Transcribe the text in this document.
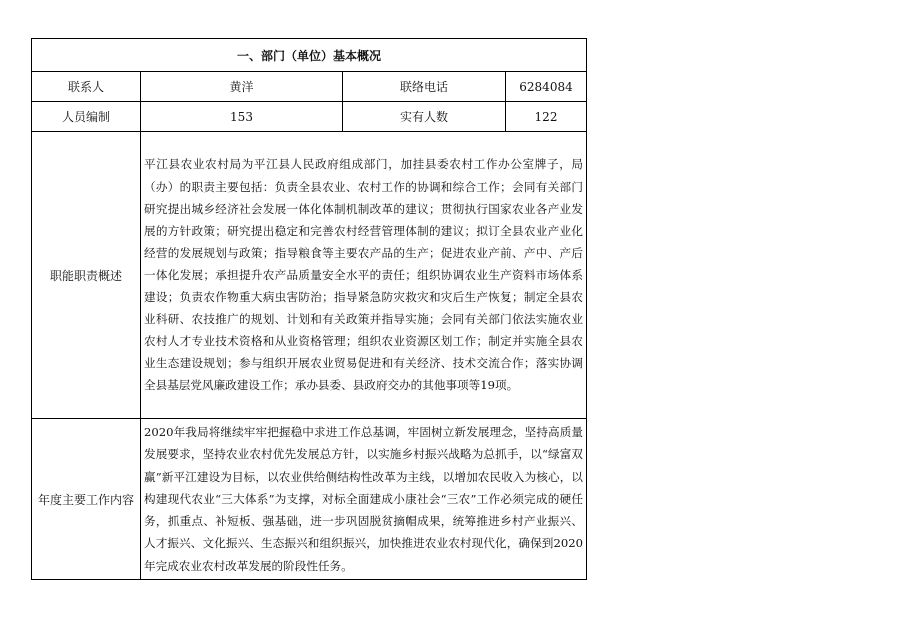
一、部门（单位）基本概况			
联系人	黄洋	联络电话	6284084
人员编制	153	实有人数	122
职能职责概述	平江县农业农村局为平江县人民政府组成部门，加挂县委农村工作办公室牌子，局（办）的职责主要包括：负责全县农业、农村工作的协调和综合工作；会同有关部门研究提出城乡经济社会发展一体化体制机制改革的建议；贯彻执行国家农业各产业发展的方针政策；研究提出稳定和完善农村经营管理体制的建议；拟订全县农业产业化经营的发展规划与政策；指导粮食等主要农产品的生产；促进农业产前、产中、产后一体化发展；承担提升农产品质量安全水平的责任；组织协调农业生产资料市场体系建设；负责农作物重大病虫害防治；指导紧急防灾救灾和灾后生产恢复；制定全县农业科研、农技推广的规划、计划和有关政策并指导实施；会同有关部门依法实施农业农村人才专业技术资格和从业资格管理；组织农业资源区划工作；制定并实施全县农业生态建设规划；参与组织开展农业贸易促进和有关经济、技术交流合作；落实协调全县基层党风廉政建设工作；承办县委、县政府交办的其他事项等19项。		

年度主要工作内容	2020年我局将继续牢牢把握稳中求进工作总基调，牢固树立新发展理念，坚持高质量发展要求，坚持农业农村优先发展总方针，以实施乡村振兴战略为总抓手，以“绿富双赢”新平江建设为目标，以农业供给侧结构性改革为主线，以增加农民收入为核心，以构建现代农业“三大体系”为支撑，对标全面建成小康社会“三农”工作必须完成的硬任务，抓重点、补短板、强基础，进一步巩固脱贫摘帽成果，统筹推进乡村产业振兴、人才振兴、文化振兴、生态振兴和组织振兴，加快推进农业农村现代化，确保到2020年完成农业农村改革发展的阶段性任务。		
